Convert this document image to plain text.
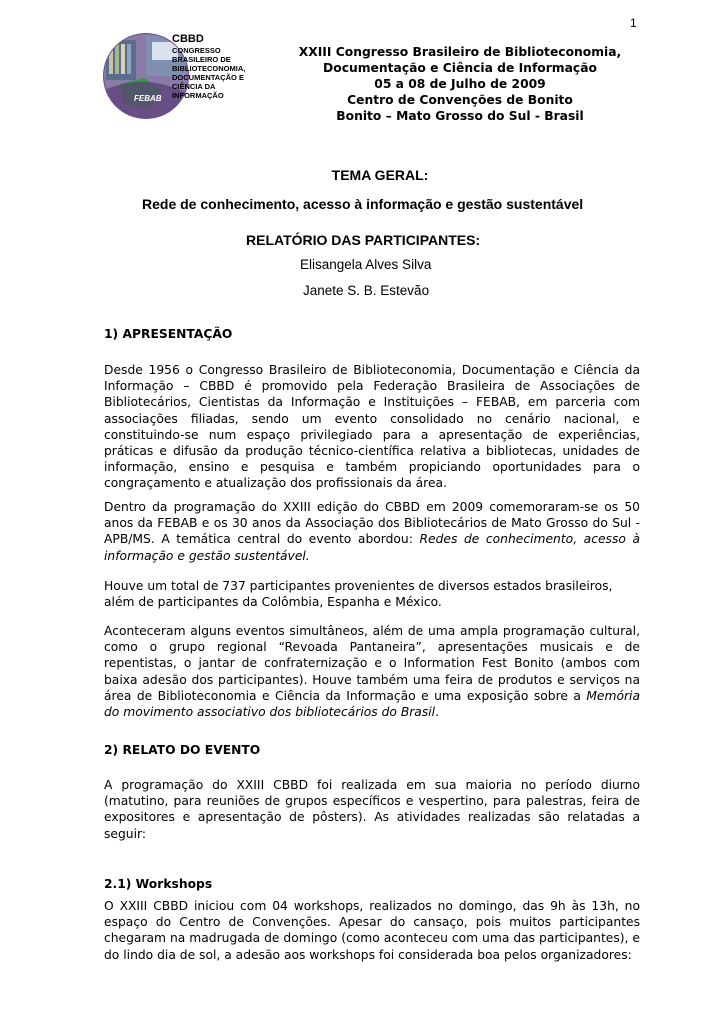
1
FEBAB
CBBD
CONGRESSO
BRASILEIRO DE
BIBLIOTECONOMIA,
DOCUMENTAÇÃO E
CIÊNCIA DA INFORMAÇÃO
XXIII Congresso Brasileiro de Biblioteconomia,
Documentação e Ciência de Informação
05 a 08 de Julho de 2009
Centro de Convenções de Bonito
Bonito – Mato Grosso do Sul - Brasil
TEMA GERAL:
Rede de conhecimento, acesso à informação e gestão sustentável
RELATÓRIO DAS PARTICIPANTES:
Elisangela Alves Silva
Janete S. B. Estevão
1) APRESENTAÇÃO
Desde 1956 o Congresso Brasileiro de Biblioteconomia, Documentação e Ciência da Informação – CBBD é promovido pela Federação Brasileira de Associações de Bibliotecários, Cientistas da Informação e Instituições – FEBAB, em parceria com associações filiadas, sendo um evento consolidado no cenário nacional, e constituindo-se num espaço privilegiado para a apresentação de experiências, práticas e difusão da produção técnico-científica relativa a bibliotecas, unidades de informação, ensino e pesquisa e também propiciando oportunidades para o congraçamento e atualização dos profissionais da área.
Dentro da programação do XXIII edição do CBBD em 2009 comemoraram-se os 50 anos da FEBAB e os 30 anos da Associação dos Bibliotecários de Mato Grosso do Sul - APB/MS. A temática central do evento abordou: Redes de conhecimento, acesso à informação e gestão sustentável.
Houve um total de 737 participantes provenientes de diversos estados brasileiros,
além de participantes da Colômbia, Espanha e México.
Aconteceram alguns eventos simultâneos, além de uma ampla programação cultural, como o grupo regional “Revoada Pantaneira”, apresentações musicais e de repentistas, o jantar de confraternização e o Information Fest Bonito (ambos com baixa adesão dos participantes). Houve também uma feira de produtos e serviços na área de Biblioteconomia e Ciência da Informação e uma exposição sobre a Memória do movimento associativo dos bibliotecários do Brasil.
2) RELATO DO EVENTO
A programação do XXIII CBBD foi realizada em sua maioria no período diurno (matutino, para reuniões de grupos específicos e vespertino, para palestras, feira de expositores e apresentação de pôsters). As atividades realizadas são relatadas a seguir:
2.1) Workshops
O XXIII CBBD iniciou com 04 workshops, realizados no domingo, das 9h às 13h, no espaço do Centro de Convenções. Apesar do cansaço, pois muitos participantes chegaram na madrugada de domingo (como aconteceu com uma das participantes), e do lindo dia de sol, a adesão aos workshops foi considerada boa pelos organizadores:
